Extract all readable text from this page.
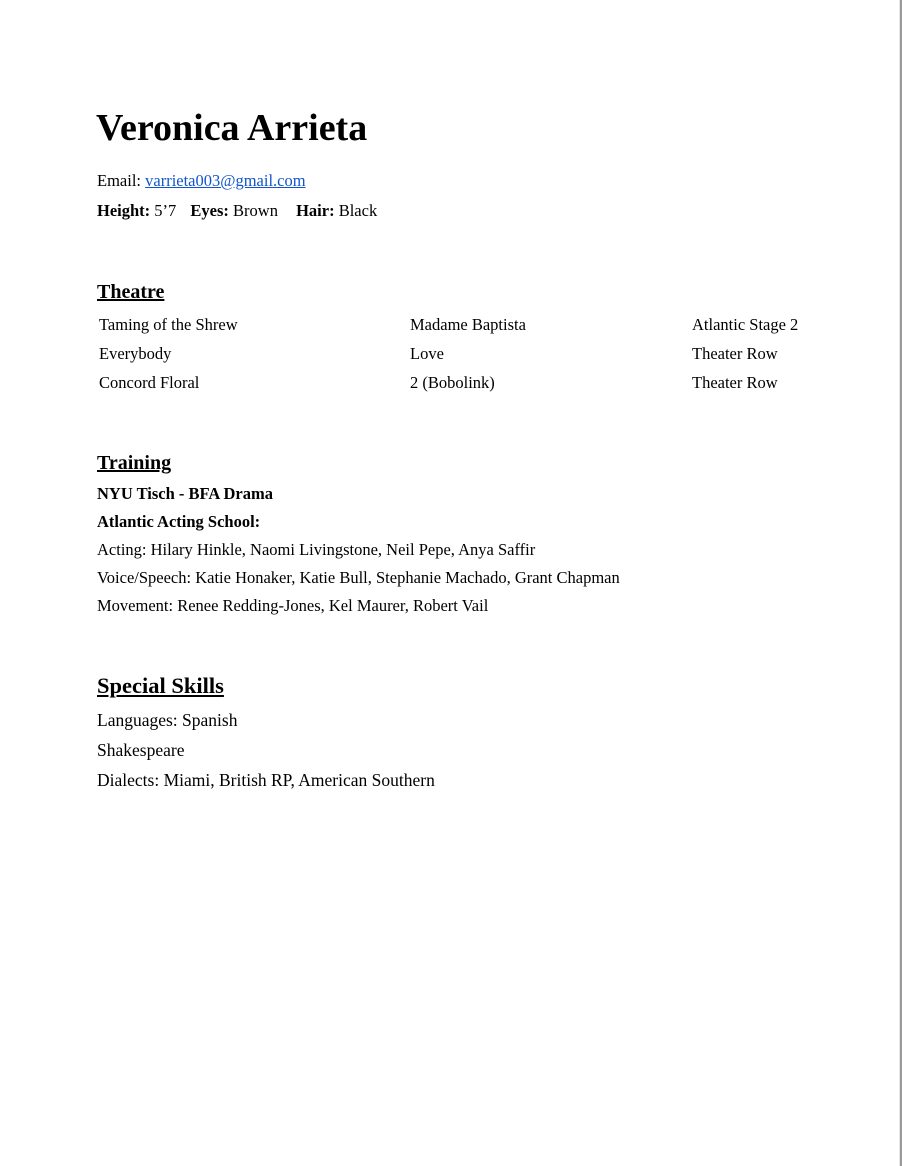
Veronica Arrieta
Email: varrieta003@gmail.com
Height: 5’7 Eyes: Brown Hair: Black
Theatre
Taming of the Shrew	Madame Baptista	Atlantic Stage 2
Everybody	Love	Theater Row
Concord Floral	2 (Bobolink)	Theater Row
Training
NYU Tisch - BFA Drama
Atlantic Acting School:
Acting: Hilary Hinkle, Naomi Livingstone, Neil Pepe, Anya Saffir
Voice/Speech: Katie Honaker, Katie Bull, Stephanie Machado, Grant Chapman
Movement: Renee Redding-Jones, Kel Maurer, Robert Vail
Special Skills
Languages: Spanish
Shakespeare
Dialects: Miami, British RP, American Southern
